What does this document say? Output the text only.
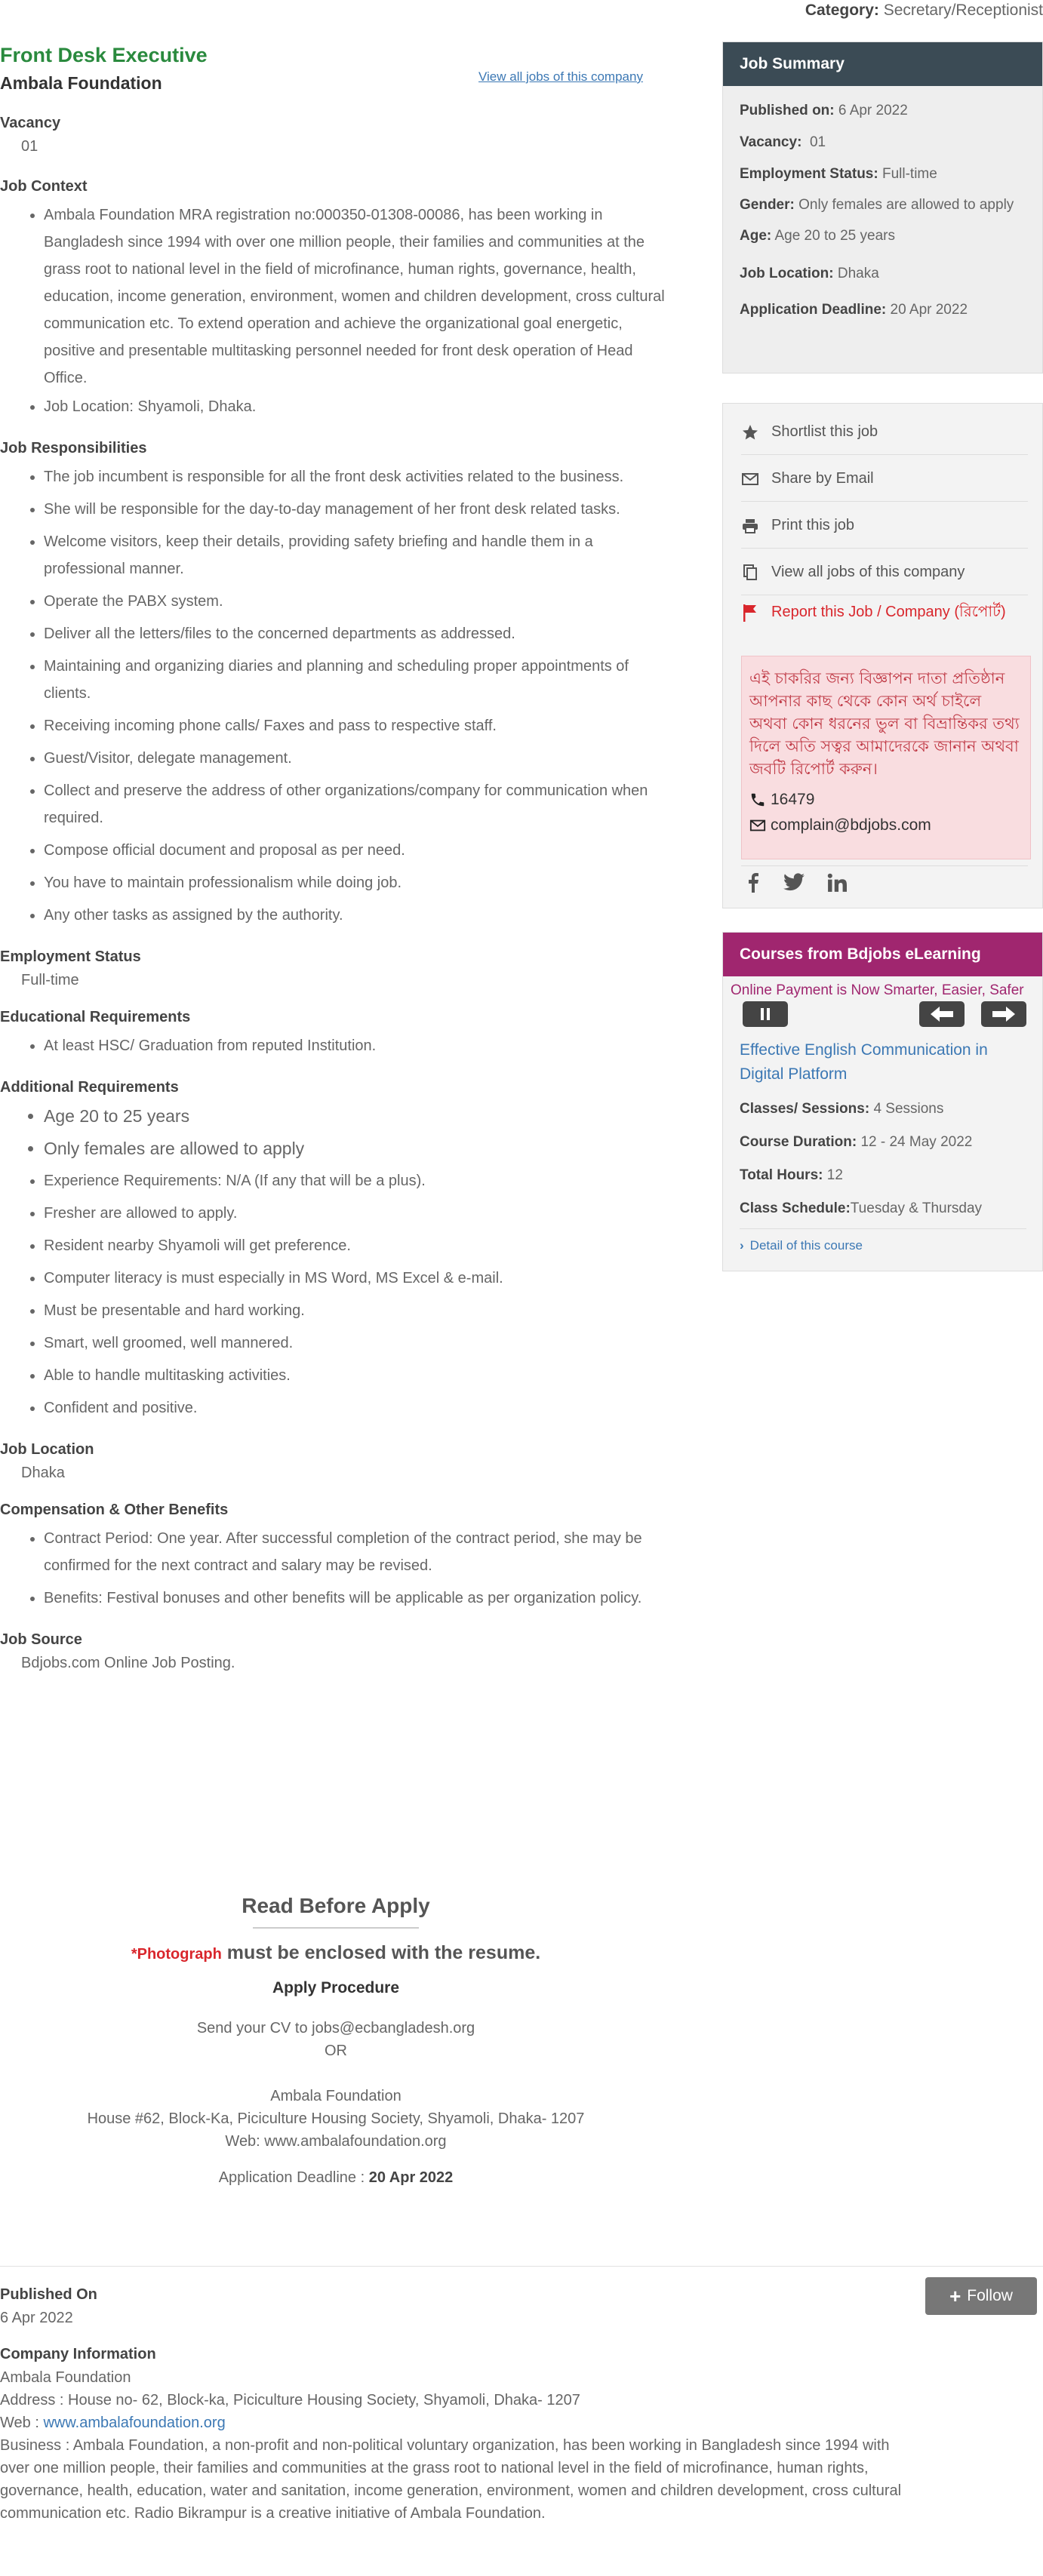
Category: Secretary/Receptionist
Front Desk Executive
Ambala Foundation
Vacancy
01
Job Context
• Ambala Foundation MRA registration no:000350-01308-00086, has been working in Bangladesh since 1994 with over one million people, their families and communities at the grass root to national level in the field of microfinance, human rights, governance, health, education, income generation, environment, women and children development, cross cultural communication etc. To extend operation and achieve the organizational goal energetic, positive and presentable multitasking personnel needed for front desk operation of Head Office.
• Job Location: Shyamoli, Dhaka.
Job Responsibilities
• The job incumbent is responsible for all the front desk activities related to the business.
• She will be responsible for the day-to-day management of her front desk related tasks.
• Welcome visitors, keep their details, providing safety briefing and handle them in a professional manner.
• Operate the PABX system.
• Deliver all the letters/files to the concerned departments as addressed.
• Maintaining and organizing diaries and planning and scheduling proper appointments of clients.
• Receiving incoming phone calls/ Faxes and pass to respective staff.
• Guest/Visitor, delegate management.
• Collect and preserve the address of other organizations/company for communication when required.
• Compose official document and proposal as per need.
• You have to maintain professionalism while doing job.
• Any other tasks as assigned by the authority.
Employment Status
Full-time
Educational Requirements
• At least HSC/ Graduation from reputed Institution.
Additional Requirements
• Age 20 to 25 years
• Only females are allowed to apply
• Experience Requirements: N/A (If any that will be a plus).
• Fresher are allowed to apply.
• Resident nearby Shyamoli will get preference.
• Computer literacy is must especially in MS Word, MS Excel & e-mail.
• Must be presentable and hard working.
• Smart, well groomed, well mannered.
• Able to handle multitasking activities.
• Confident and positive.
Job Location
Dhaka
Compensation & Other Benefits
• Contract Period: One year. After successful completion of the contract period, she may be confirmed for the next contract and salary may be revised.
• Benefits: Festival bonuses and other benefits will be applicable as per organization policy.
Job Source
Bdjobs.com Online Job Posting.
View all jobs of this company
Read Before Apply
*Photograph must be enclosed with the resume.
Apply Procedure
Send your CV to jobs@ecbangladesh.org
OR
Ambala Foundation
House #62, Block-Ka, Piciculture Housing Society, Shyamoli, Dhaka- 1207
Web: www.ambalafoundation.org
Application Deadline : 20 Apr 2022
Published On
6 Apr 2022
Company Information
Ambala Foundation
Address : House no- 62, Block-ka, Piciculture Housing Society, Shyamoli, Dhaka- 1207
Web : www.ambalafoundation.org
Business : Ambala Foundation, a non-profit and non-political voluntary organization, has been working in Bangladesh since 1994 with over one million people, their families and communities at the grass root to national level in the field of microfinance, human rights, governance, health, education, water and sanitation, income generation, environment, women and children development, cross cultural communication etc. Radio Bikrampur is a creative initiative of Ambala Foundation.
+ Follow
Job Summary
Published on: 6 Apr 2022
Vacancy: 01
Employment Status: Full-time
Gender: Only females are allowed to apply
Age: Age 20 to 25 years
Job Location: Dhaka
Application Deadline: 20 Apr 2022
Shortlist this job
Share by Email
Print this job
View all jobs of this company
Report this Job / Company (রিপোর্ট)
এই চাকরির জন্য বিজ্ঞাপন দাতা প্রতিষ্ঠান আপনার কাছ থেকে কোন অর্থ চাইলে অথবা কোন ধরনের ভুল বা বিভ্রান্তিকর তথ্য দিলে অতি সত্বর আমাদেরকে জানান অথবা জবটি রিপোর্ট করুন।
16479
complain@bdjobs.com
Courses from Bdjobs eLearning
Online Payment is Now Smarter, Easier, Safer
Effective English Communication in Digital Platform
Classes/ Sessions: 4 Sessions
Course Duration: 12 - 24 May 2022
Total Hours: 12
Class Schedule:Tuesday & Thursday
› Detail of this course
